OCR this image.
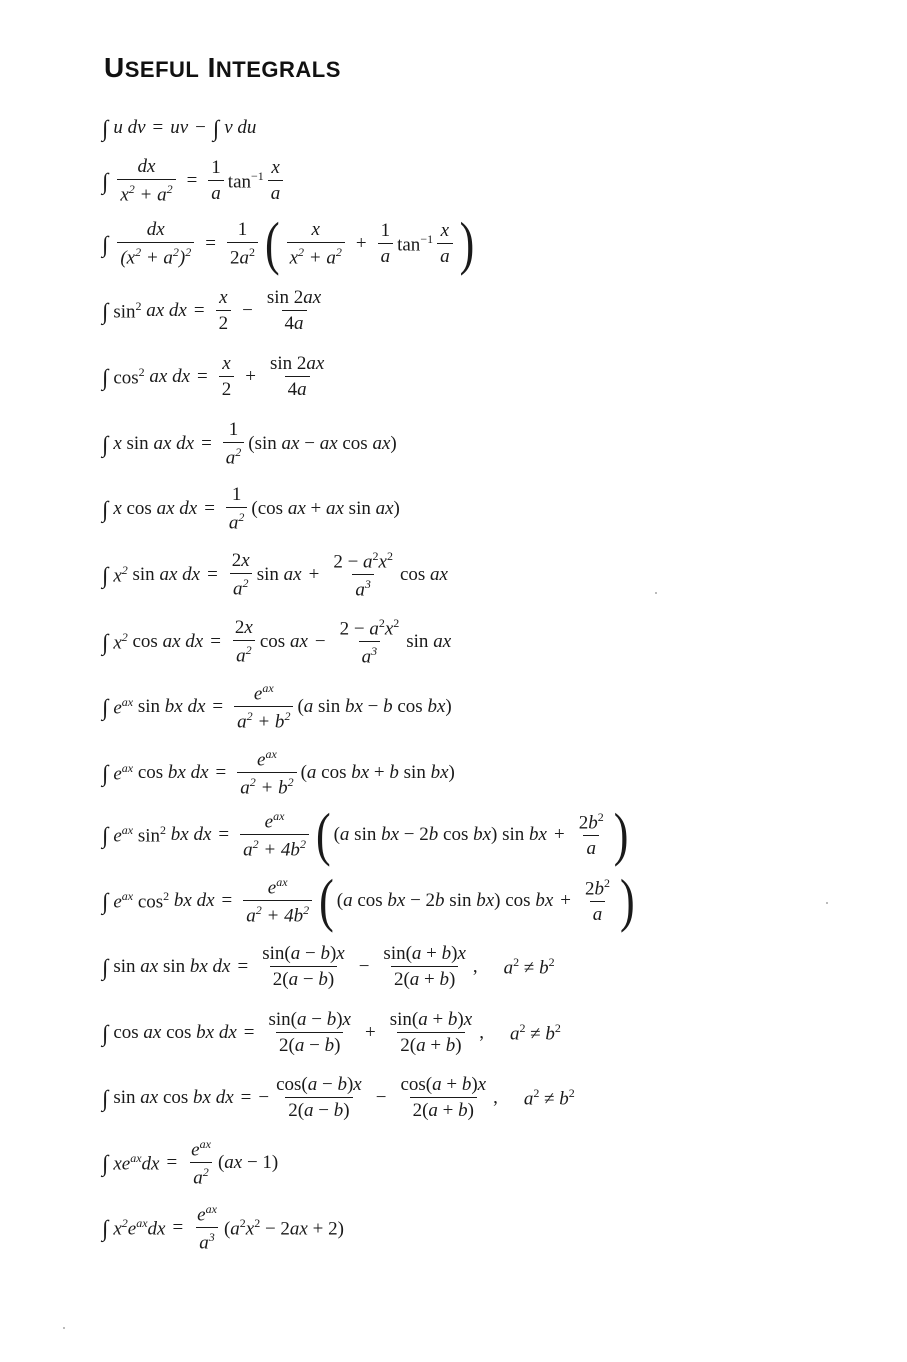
USEFUL INTEGRALS
∫ u dv = uv − ∫ v du
∫ $\frac{dx}{x^2 + a^2} = \frac{1}{a} \tan^{-1} x$
a
∫ $\frac{dx}{(x^2 + a^2)^2} = \frac{1}{2a^2}$ ( x
$x^2 + a^2 + \frac{1}{a} \tan^{-1} x$
a )
∫ $\sin^2$ ax dx = $\frac{x}{2} - \frac{\sin 2ax}{4a}$
∫ $\cos^2$ ax dx = $\frac{x}{2} + \frac{\sin 2ax}{4a}$
∫ x sin ax dx = $\frac{1}{a^2} (\sin$ ax − ax cos ax)
∫ x cos ax dx = $\frac{1}{a^2} (\cos$ ax + ax sin ax)
∫ $x^2$ sin ax dx = $\frac{2x}{a^2}$ sin ax + $\frac{2 - a^2x^2}{a^3}$ cos ax
∫ $x^2$ cos ax dx = $\frac{2x}{a^2}$ cos ax − $\frac{2 - a^2x^2}{a^3}$ sin ax
∫ $e^{ax}$ sin bx dx =
$e^{ax}$
$a^2 + b^2$ (a sin bx − b cos bx)
∫ $e^{ax}$ cos bx dx =
$e^{ax}$
$a^2 + b^2$ (a cos bx + b sin bx)
∫ $e^{ax}$ $\sin^2$ bx dx =
$e^{ax}$
$a^2 + 4b^2$ ( (a sin bx − 2b cos bx) sin bx + $\frac{2b^2}{a}$ )
∫ $e^{ax}$ $\cos^2$ bx dx =
$e^{ax}$
$a^2 + 4b^2$ ( (a cos bx − 2b sin bx) cos bx + $\frac{2b^2}{a}$ )
∫ sin ax sin bx dx = $\frac{\sin(a - b)x}{2(a - b)} - \frac{\sin(a + b)x}{2(a + b)}$ , $a^2 \ne b^2$
∫ cos ax cos bx dx = $\frac{\sin(a - b)x}{2(a - b)} + \frac{\sin(a + b)x}{2(a + b)}$ , $a^2 \ne b^2$
∫ sin ax cos bx dx = − $\frac{\cos(a - b)x}{2(a - b)} - \frac{\cos(a + b)x}{2(a + b)}$ , $a^2 \ne b^2$
∫ $xe^{ax}dx$ =
$e^{ax}$
$a^2$ (ax − 1)
∫ $x^2e^{ax}dx$ =
$e^{ax}$
$a^3$ $(a^2x^2 - 2ax + 2)$
